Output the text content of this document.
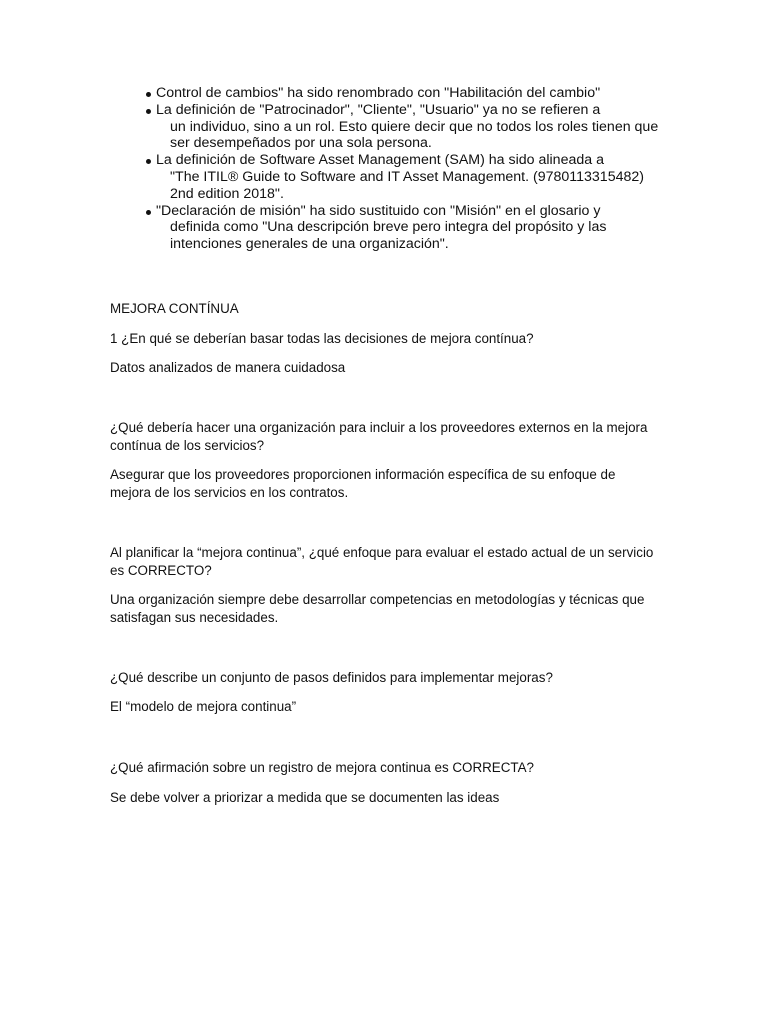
Control de cambios" ha sido renombrado con "Habilitación del cambio"
La definición de "Patrocinador", "Cliente", "Usuario" ya no se refieren a
un individuo, sino a un rol. Esto quiere decir que no todos los roles tienen que ser desempeñados por una sola persona.
La definición de Software Asset Management (SAM) ha sido alineada a
"The ITIL® Guide to Software and IT Asset Management. (9780113315482) 2nd edition 2018".
"Declaración de misión" ha sido sustituido con "Misión" en el glosario y
definida como "Una descripción breve pero integra del propósito y las intenciones generales de una organización".

MEJORA CONTÍNUA

1 ¿En qué se deberían basar todas las decisiones de mejora contínua?

Datos analizados de manera cuidadosa

¿Qué debería hacer una organización para incluir a los proveedores externos en la mejora contínua de los servicios?

Asegurar que los proveedores proporcionen información específica de su enfoque de mejora de los servicios en los contratos.

Al planificar la “mejora continua”, ¿qué enfoque para evaluar el estado actual de un servicio es CORRECTO?

Una organización siempre debe desarrollar competencias en metodologías y técnicas que satisfagan sus necesidades.

¿Qué describe un conjunto de pasos definidos para implementar mejoras?

El “modelo de mejora continua”

¿Qué afirmación sobre un registro de mejora continua es CORRECTA?

Se debe volver a priorizar a medida que se documenten las ideas
